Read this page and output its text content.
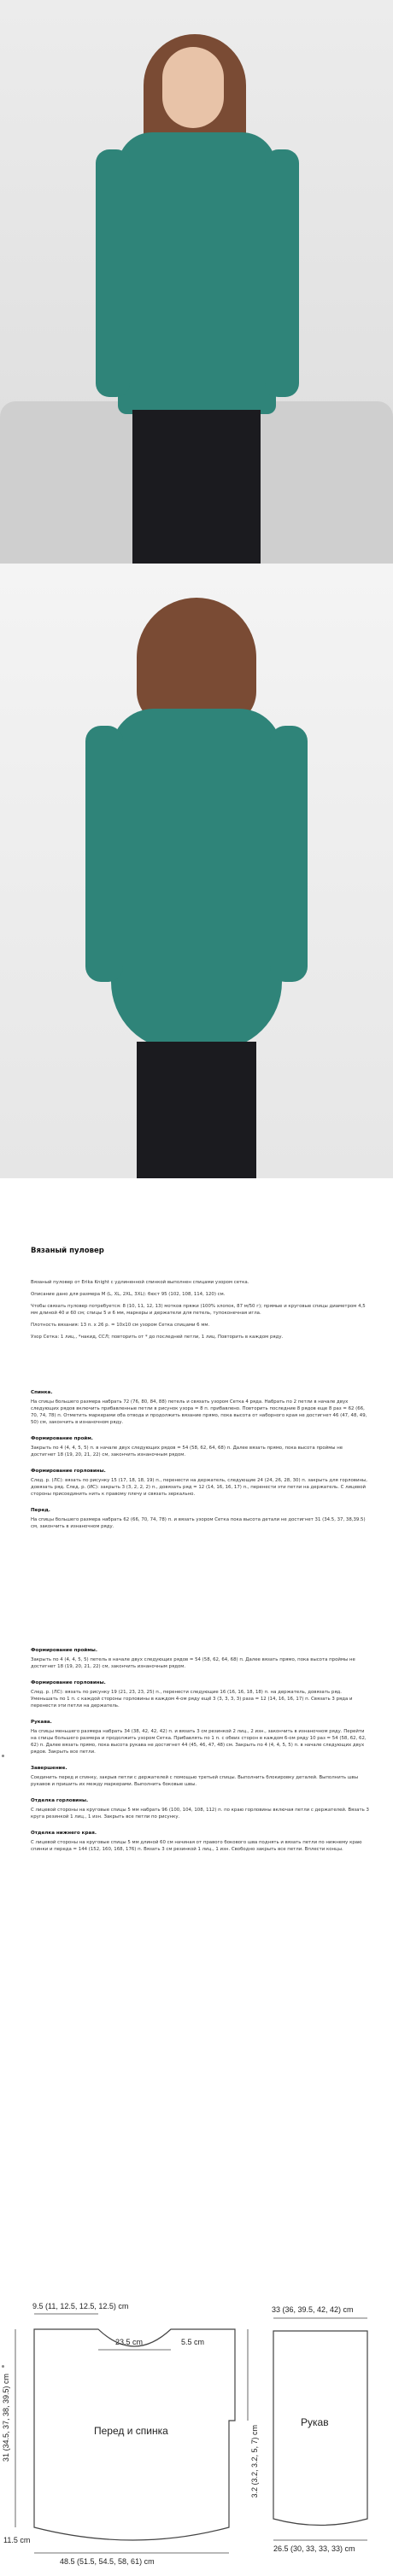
Вязаный пуловер

Вязаный пуловер от Erika Knight с удлиненной спинкой выполнен спицами узором сетка.

Описание дано для размера М (L, XL, 2XL, 3XL): бюст 95 (102, 108, 114, 120) см.

Чтобы связать пуловер потребуется: 8 (10, 11, 12, 13) мотков пряжи (100% хлопок, 87 м/50 г); прямые и круговые спицы диаметром 4,5 мм длиной 40 и 60 см; спицы 5 и 6 мм, маркеры и держатели для петель, тупоконечная игла.

Плотность вязания: 13 п. х 26 р. = 10х10 см узором Сетка спицами 6 мм.

Узор Сетка: 1 лиц., *накид, ССЛ; повторить от * до последней петли, 1 лиц. Повторить в каждом ряду.

Спинка.

На спицы большего размера набрать 72 (76, 80, 84, 88) петель и связать узором Сетка 4 ряда. Набрать по 2 петли в начале двух следующих рядов включить прибавленные петли в рисунок узора = 8 п. прибавлено. Повторить последние 8 рядов еще 8 раз = 62 (66, 70, 74, 78) п. Отметить маркерами оба отвода и продолжить вязание прямо, пока высота от наборного края не достигнет 46 (47, 48, 49, 50) см, закончить в изнаночном ряду.

Формирование пройм.

Закрыть по 4 (4, 4, 5, 5) п. в начале двух следующих рядов = 54 (58, 62, 64, 68) п. Далее вязать прямо, пока высота проймы не достигнет 18 (19, 20, 21, 22) см, закончить изнаночным рядом.

Формирование горловины.

След. р. (ЛС): вязать по рисунку 15 (17, 18, 18, 19) п., перенести на держатель, следующие 24 (24, 26, 28, 30) п. закрыть для горловины, довязать ряд. След. р. (ИС): закрыть 3 (3, 2, 2, 2) п., довязать ряд = 12 (14, 16, 16, 17) п., перенести эти петли на держатель. С лицевой стороны присоединить нить к правому плечу и связать зеркально.

Перед.

На спицы большего размера набрать 62 (66, 70, 74, 78) п. и вязать узором Сетка пока высота детали не достигнет 31 (34.5, 37, 38,39.5) см, закончить в изнаночном ряду.

Формирование проймы.

Закрыть по 4 (4, 4, 5, 5) петель в начале двух следующих рядов = 54 (58, 62, 64, 68) п. Далее вязать прямо, пока высота проймы не достигнет 18 (19, 20, 21, 22) см, закончить изнаночным рядом.

Формирование горловины.

След. р. (ЛС): вязать по рисунку 19 (21, 23, 23, 25) п., перенести следующие 16 (16, 16, 18, 18) п. на держатель, довязать ряд. Уменьшать по 1 п. с каждой стороны горловины в каждом 4-ом ряду ещё 3 (3, 3, 3, 3) раза = 12 (14, 16, 16, 17) п. Связать 3 ряда и перенести эти петли на держатель.

Рукава.

На спицы меньшего размера набрать 34 (38, 42, 42, 42) п. и вязать 3 см резинкой 2 лиц., 2 изн., закончить в изнаночном ряду. Перейти на спицы большего размера и продолжить узором Сетка. Прибавлять по 1 п. с обеих сторон в каждом 6-ом ряду 10 раз = 54 (58, 62, 62, 62) п. Далее вязать прямо, пока высота рукава не достигнет 44 (45, 46, 47, 48) см. Закрыть по 4 (4, 4, 5, 5) п. в начале следующих двух рядов. Закрыть все петли.

Завершение.

Соединить перед и спинку, закрыв петли с держателей с помощью третьей спицы. Выполнить блокировку деталей. Выполнить швы рукавов и пришить их между маркерами. Выполнить боковые швы.

Отделка горловины.

С лицевой стороны на круговые спицы 5 мм набрать 96 (100, 104, 108, 112) п. по краю горловины включая петли с держателей. Вязать 3 круга резинкой 1 лиц., 1 изн. Закрыть все петли по рисунку.

Отделка нижнего края.

С лицевой стороны на круговые спицы 5 мм длиной 60 см начиная от правого бокового шва поднять и вязать петли по нижнему краю спинки и переда = 144 (152, 160, 168, 176) п. Вязать 3 см резинкой 1 лиц., 1 изн. Свободно закрыть все петли. Вплести концы.

9.5 (11, 12.5, 12.5, 12.5) cm
23.5 cm	5.5 cm
Перед и спинка
31 (34.5, 37, 38, 39.5) cm
11.5 cm
3.2 (3.2, 3.2, 5, 7) cm
48.5 (51.5, 54.5, 58, 61) cm
33 (36, 39.5, 42, 42) cm
Рукав
26.5 (30, 33, 33, 33) cm
